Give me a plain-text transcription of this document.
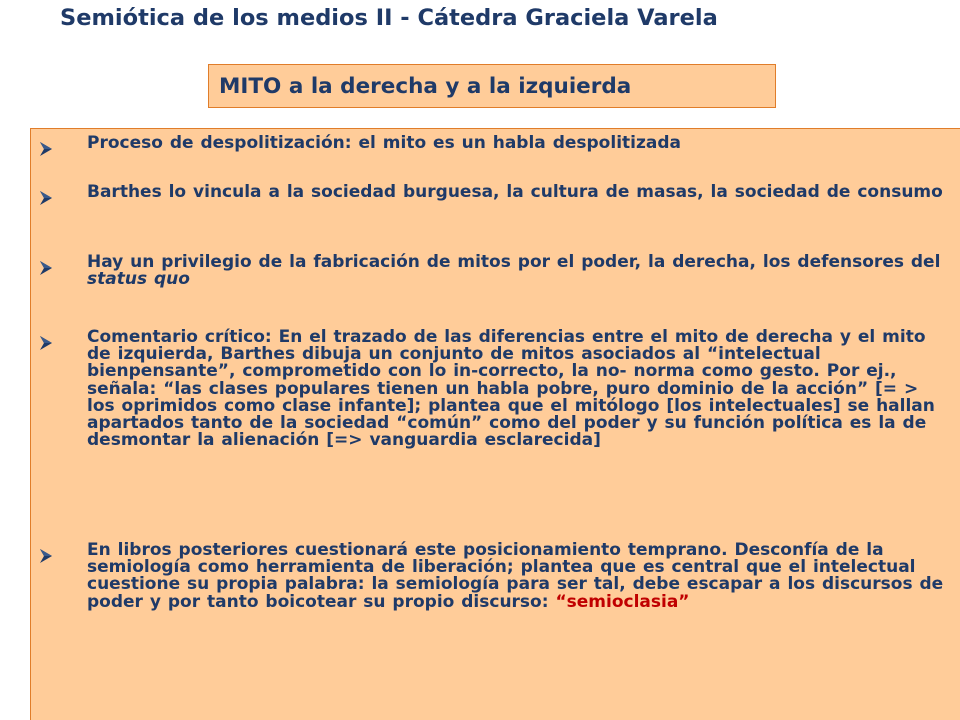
Semiótica de los medios II - Cátedra Graciela Varela
MITO a la derecha y a la izquierda
Proceso de despolitización: el mito es un habla despolitizada
Barthes lo vincula a la sociedad burguesa, la cultura de masas, la sociedad de consumo
Hay un privilegio de la fabricación de mitos por el poder, la derecha, los defensores del status quo
Comentario crítico: En el trazado de las diferencias entre el mito de derecha y el mito de izquierda, Barthes dibuja un conjunto de mitos asociados al “intelectual bienpensante”, comprometido con lo in-correcto, la no- norma como gesto. Por ej., señala: “las clases populares tienen un habla pobre, puro dominio de la acción” [= > los oprimidos como clase infante]; plantea que el mitólogo [los intelectuales] se hallan apartados tanto de la sociedad “común” como del poder y su función política es la de desmontar la alienación [=> vanguardia esclarecida]
En libros posteriores cuestionará este posicionamiento temprano. Desconfía de la semiología como herramienta de liberación; plantea que es central que el intelectual cuestione su propia palabra: la semiología para ser tal, debe escapar a los discursos de poder y por tanto boicotear su propio discurso: “semioclasia”
